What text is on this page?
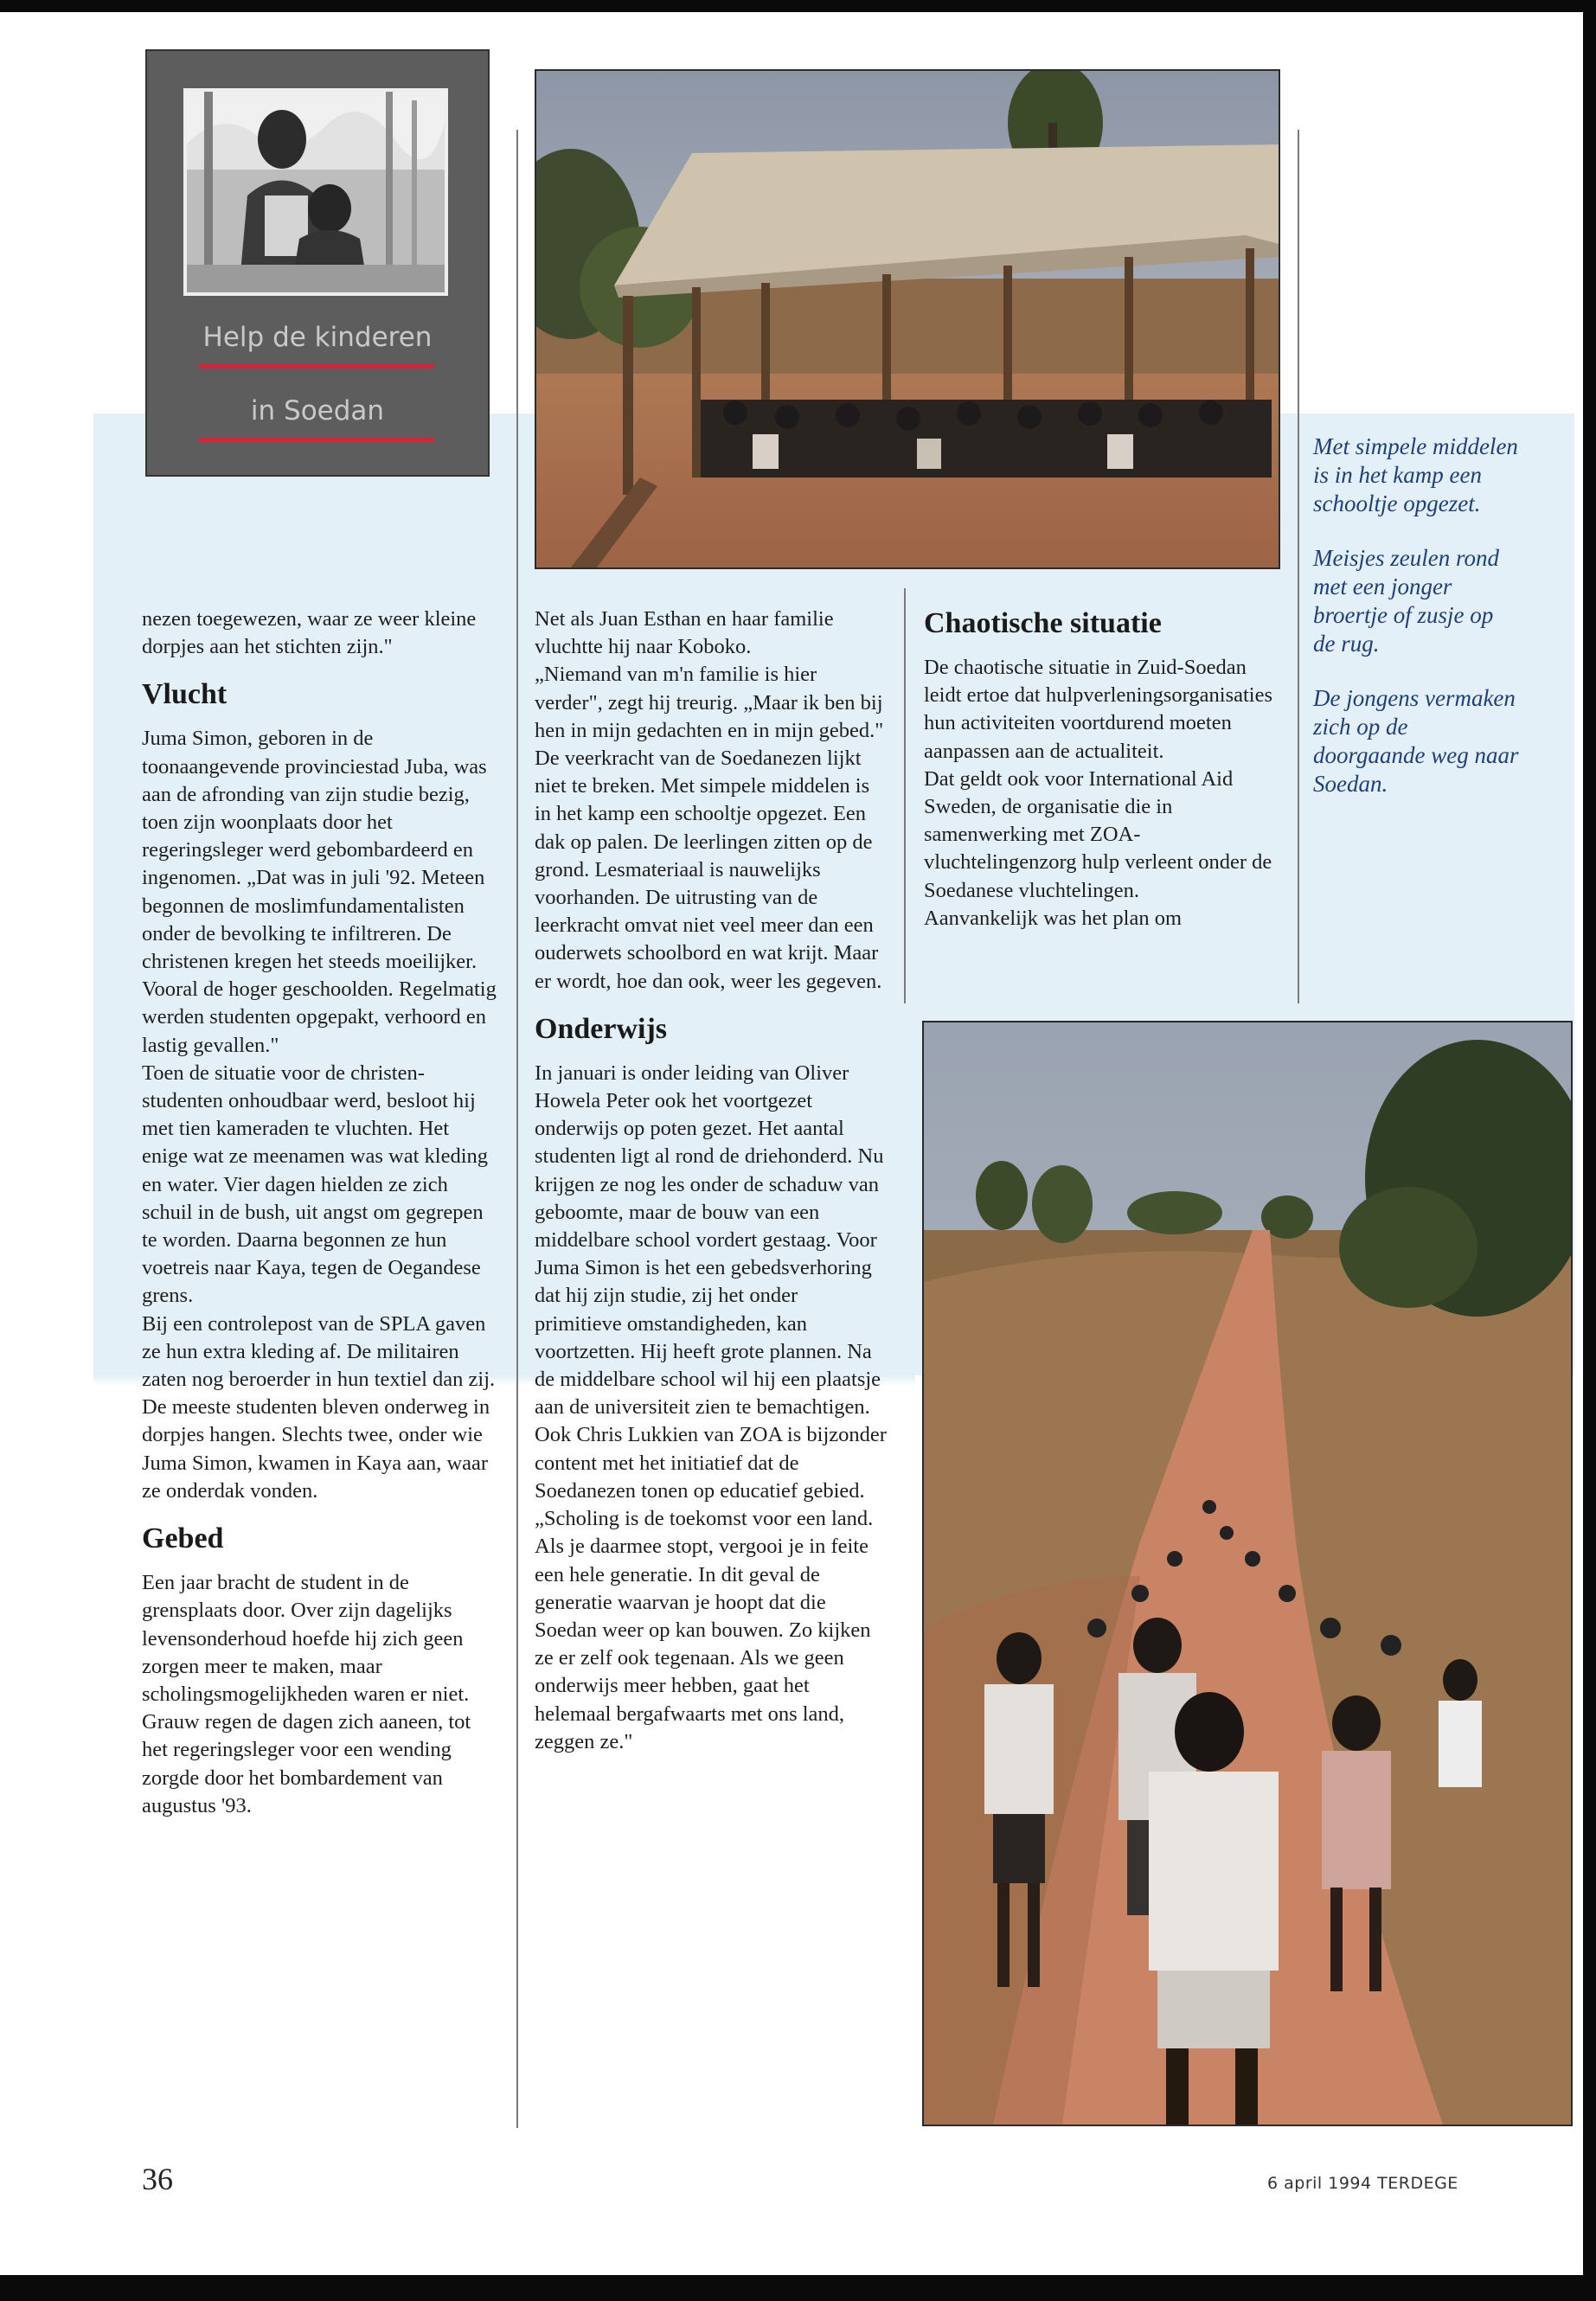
Help de kinderen
in Soedan

nezen toegewezen, waar ze weer kleine dorpjes aan het stichten zijn."

Vlucht

Juma Simon, geboren in de toonaangevende provinciestad Juba, was aan de afronding van zijn studie bezig, toen zijn woonplaats door het regeringsleger werd gebombardeerd en ingenomen. „Dat was in juli '92. Meteen begonnen de moslimfundamentalisten onder de bevolking te infiltreren. De christenen kregen het steeds moeilijker. Vooral de hoger geschoolden. Regelmatig werden studenten opgepakt, verhoord en lastig gevallen."

Toen de situatie voor de christen-studenten onhoudbaar werd, besloot hij met tien kameraden te vluchten. Het enige wat ze meenamen was wat kleding en water. Vier dagen hielden ze zich schuil in de bush, uit angst om gegrepen te worden. Daarna begonnen ze hun voetreis naar Kaya, tegen de Oegandese grens.

Bij een controlepost van de SPLA gaven ze hun extra kleding af. De militairen zaten nog beroerder in hun textiel dan zij. De meeste studenten bleven onderweg in dorpjes hangen. Slechts twee, onder wie Juma Simon, kwamen in Kaya aan, waar ze onderdak vonden.

Gebed

Een jaar bracht de student in de grensplaats door. Over zijn dagelijks levensonderhoud hoefde hij zich geen zorgen meer te maken, maar scholingsmogelijkheden waren er niet. Grauw regen de dagen zich aaneen, tot het regeringsleger voor een wending zorgde door het bombardement van augustus '93.

Net als Juan Esthan en haar familie vluchtte hij naar Koboko.

„Niemand van m'n familie is hier verder", zegt hij treurig. „Maar ik ben bij hen in mijn gedachten en in mijn gebed."

De veerkracht van de Soedanezen lijkt niet te breken. Met simpele middelen is in het kamp een schooltje opgezet. Een dak op palen. De leerlingen zitten op de grond. Lesmateriaal is nauwelijks voorhanden. De uitrusting van de leerkracht omvat niet veel meer dan een ouderwets schoolbord en wat krijt. Maar er wordt, hoe dan ook, weer les gegeven.

Onderwijs

In januari is onder leiding van Oliver Howela Peter ook het voortgezet onderwijs op poten gezet. Het aantal studenten ligt al rond de driehonderd. Nu krijgen ze nog les onder de schaduw van geboomte, maar de bouw van een middelbare school vordert gestaag. Voor Juma Simon is het een gebedsverhoring dat hij zijn studie, zij het onder primitieve omstandigheden, kan voortzetten. Hij heeft grote plannen. Na de middelbare school wil hij een plaatsje aan de universiteit zien te bemachtigen.

Ook Chris Lukkien van ZOA is bijzonder content met het initiatief dat de Soedanezen tonen op educatief gebied. „Scholing is de toekomst voor een land. Als je daarmee stopt, vergooi je in feite een hele generatie. In dit geval de generatie waarvan je hoopt dat die Soedan weer op kan bouwen. Zo kijken ze er zelf ook tegenaan. Als we geen onderwijs meer hebben, gaat het helemaal bergafwaarts met ons land, zeggen ze."

Chaotische situatie

De chaotische situatie in Zuid-Soedan leidt ertoe dat hulpverleningsorganisaties hun activiteiten voortdurend moeten aanpassen aan de actualiteit.

Dat geldt ook voor International Aid Sweden, de organisatie die in samenwerking met ZOA-vluchtelingenzorg hulp verleent onder de Soedanese vluchtelingen.

Aanvankelijk was het plan om

Met simpele middelen is in het kamp een schooltje opgezet.

Meisjes zeulen rond met een jonger broertje of zusje op de rug.

De jongens vermaken zich op de doorgaande weg naar Soedan.

36	6 april 1994 TERDEGE
